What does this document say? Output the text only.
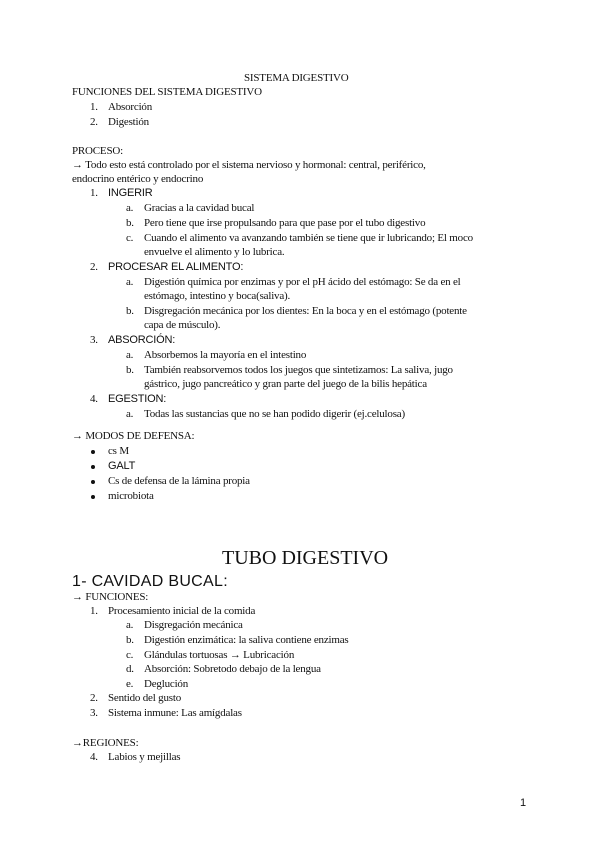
SISTEMA DIGESTIVO
FUNCIONES DEL SISTEMA DIGESTIVO
1. Absorción
2. Digestión
PROCESO:
→ Todo esto está controlado por el sistema nervioso y hormonal: central, periférico,
endocrino entérico y endocrino
1. INGERIR
a. Gracias a la cavidad bucal
b. Pero tiene que irse propulsando para que pase por el tubo digestivo
c. Cuando el alimento va avanzando también se tiene que ir lubricando; El moco
envuelve el alimento y lo lubrica.
2. PROCESAR EL ALIMENTO:
a. Digestión química por enzimas y por el pH ácido del estómago: Se da en el
estómago, intestino y boca(saliva).
b. Disgregación mecánica por los dientes: En la boca y en el estómago (potente
capa de músculo).
3. ABSORCIÓN:
a. Absorbemos la mayoría en el intestino
b. También reabsorvemos todos los juegos que sintetizamos: La saliva, jugo
gástrico, jugo pancreático y gran parte del juego de la bilis hepática
4. EGESTION:
a. Todas las sustancias que no se han podido digerir (ej.celulosa)
→ MODOS DE DEFENSA:
cs M
GALT
Cs de defensa de la lámina propia
microbiota
TUBO DIGESTIVO
1- CAVIDAD BUCAL:
→ FUNCIONES:
1. Procesamiento inicial de la comida
a. Disgregación mecánica
b. Digestión enzimática: la saliva contiene enzimas
c. Glándulas tortuosas → Lubricación
d. Absorción: Sobretodo debajo de la lengua
e. Deglución
2. Sentido del gusto
3. Sistema inmune: Las amígdalas
→REGIONES:
4. Labios y mejillas
1
